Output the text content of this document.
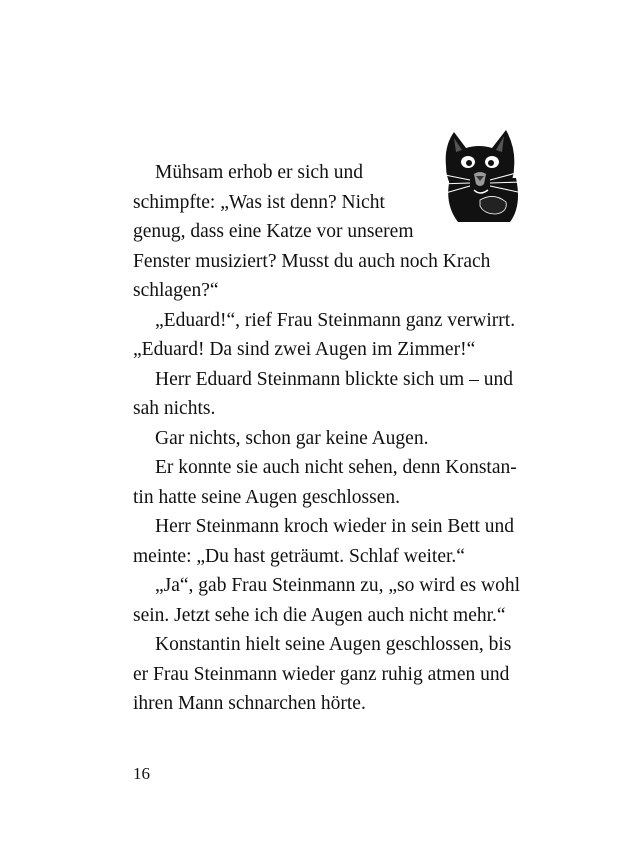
Mühsam erhob er sich und
schimpfte: „Was ist denn? Nicht
genug, dass eine Katze vor unserem
Fenster musiziert? Musst du auch noch Krach
schlagen?“
„Eduard!“, rief Frau Steinmann ganz verwirrt.
„Eduard! Da sind zwei Augen im Zimmer!“
Herr Eduard Steinmann blickte sich um – und
sah nichts.
Gar nichts, schon gar keine Augen.
Er konnte sie auch nicht sehen, denn Konstan-
tin hatte seine Augen geschlossen.
Herr Steinmann kroch wieder in sein Bett und
meinte: „Du hast geträumt. Schlaf weiter.“
„Ja“, gab Frau Steinmann zu, „so wird es wohl
sein. Jetzt sehe ich die Augen auch nicht mehr.“
Konstantin hielt seine Augen geschlossen, bis
er Frau Steinmann wieder ganz ruhig atmen und
ihren Mann schnarchen hörte.
16
